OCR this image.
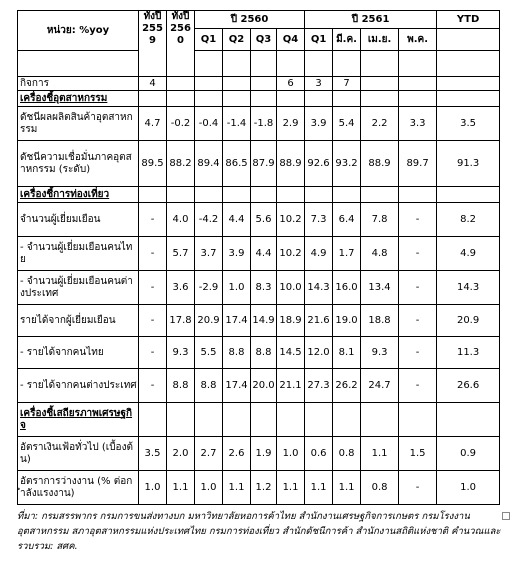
หน่วย: %yoy	ทั้งปี 2559	ทั้งปี 2560	ปี 2560				ปี 2561				YTD
			Q1	Q2	Q3	Q4	Q1	มี.ค.	เม.ย.	พ.ค.	

กิจการ	4					6	3	7			
เครื่องชี้อุตสาหกรรม											
ดัชนีผลผลิตสินค้าอุตสาหกรรม	4.7	-0.2	-0.4	-1.4	-1.8	2.9	3.9	5.4	2.2	3.3	3.5
ดัชนีความเชื่อมั่นภาคอุตสาหกรรม (ระดับ)	89.5	88.2	89.4	86.5	87.9	88.9	92.6	93.2	88.9	89.7	91.3
เครื่องชี้การท่องเที่ยว											
จำนวนผู้เยี่ยมเยือน	-	4.0	-4.2	4.4	5.6	10.2	7.3	6.4	7.8	-	8.2
- จำนวนผู้เยี่ยมเยือนคนไทย	-	5.7	3.7	3.9	4.4	10.2	4.9	1.7	4.8	-	4.9
- จำนวนผู้เยี่ยมเยือนคนต่างประเทศ	-	3.6	-2.9	1.0	8.3	10.0	14.3	16.0	13.4	-	14.3
รายได้จากผู้เยี่ยมเยือน	-	17.8	20.9	17.4	14.9	18.9	21.6	19.0	18.8	-	20.9
- รายได้จากคนไทย	-	9.3	5.5	8.8	8.8	14.5	12.0	8.1	9.3	-	11.3
- รายได้จากคนต่างประเทศ	-	8.8	8.8	17.4	20.0	21.1	27.3	26.2	24.7	-	26.6
เครื่องชี้เสถียรภาพเศรษฐกิจ											
อัตราเงินเฟ้อทั่วไป (เบื้องต้น)	3.5	2.0	2.7	2.6	1.9	1.0	0.6	0.8	1.1	1.5	0.9
อัตราการว่างงาน (% ต่อกำลังแรงงาน)	1.0	1.1	1.0	1.1	1.2	1.1	1.1	1.1	0.8	-	1.0
ที่มา: กรมสรรพากร กรมการขนส่งทางบก มหาวิทยาลัยหอการค้าไทย สำนักงานเศรษฐกิจการเกษตร กรมโรงงานอุตสาหกรรม สภาอุตสาหกรรมแห่งประเทศไทย กรมการท่องเที่ยว สำนักดัชนีการค้า สำนักงานสถิติแห่งชาติ คำนวณและรวบรวม: สศค.
